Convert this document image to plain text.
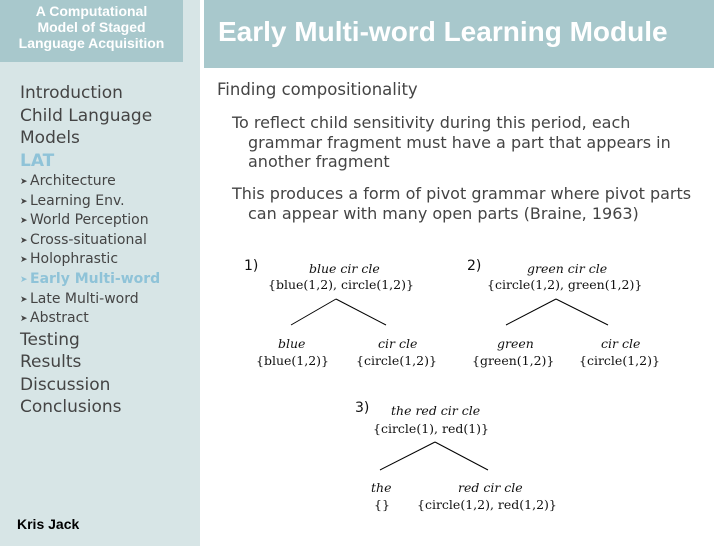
A Computational
Model of Staged
Language Acquisition
Introduction
Child Language
Models
LAT
➤ Architecture
➤ Learning Env.
➤ World Perception
➤ Cross-situational
➤ Holophrastic
➤ Early Multi-word
➤ Late Multi-word
➤ Abstract
Testing
Results
Discussion
Conclusions
Kris Jack
Early Multi-word Learning Module
Finding compositionality
To reflect child sensitivity during this period, each
grammar fragment must have a part that appears in
another fragment
This produces a form of pivot grammar where pivot parts
can appear with many open parts (Braine, 1963)
1)	blue cir cle
{blue(1,2), circle(1,2)}
blue
{blue(1,2)}
cir cle
{circle(1,2)}
2)	green cir cle
{circle(1,2), green(1,2)}
green
{green(1,2)}
cir cle
{circle(1,2)}
3) the red cir cle
{circle(1), red(1)}
the
{}
red cir cle
{circle(1,2), red(1,2)}
